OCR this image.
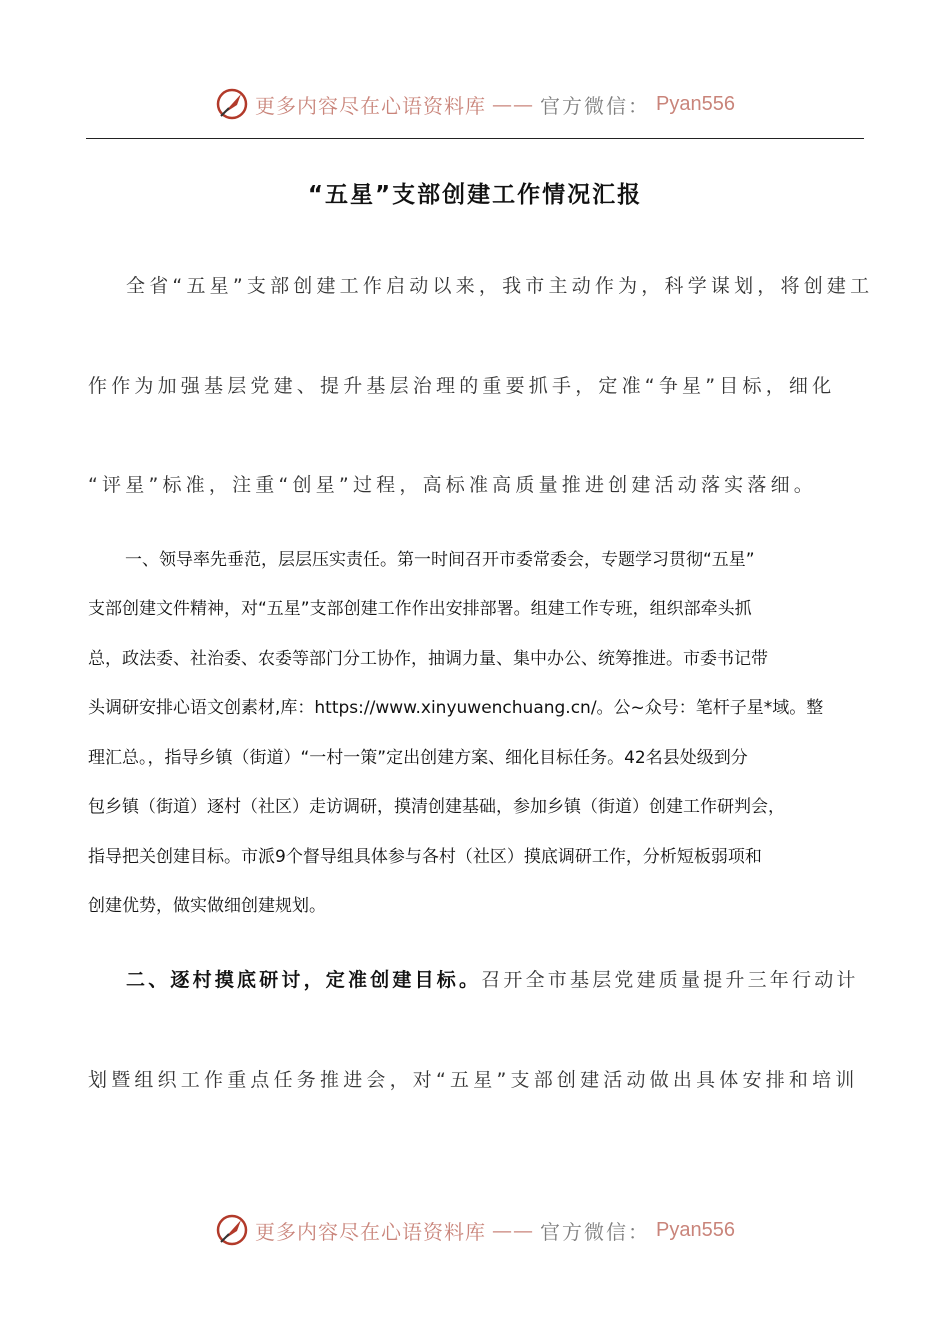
更多内容尽在心语资料库 —— 官方微信： Pyan556
“五星”支部创建工作情况汇报
全省“五星”支部创建工作启动以来，我市主动作为，科学谋划，将创建工
作作为加强基层党建、提升基层治理的重要抓手，定准“争星”目标，细化
“评星”标准，注重“创星”过程，高标准高质量推进创建活动落实落细。
一、领导率先垂范，层层压实责任。第一时间召开市委常委会，专题学习贯彻“五星”
支部创建文件精神，对“五星”支部创建工作作出安排部署。组建工作专班，组织部牵头抓
总，政法委、社治委、农委等部门分工协作，抽调力量、集中办公、统筹推进。市委书记带
头调研安排心语文创素材,库：https://www.xinyuwenchuang.cn/。公~众号：笔杆子星*域。整
理汇总。，指导乡镇（街道）“一村一策”定出创建方案、细化目标任务。42名县处级到分
包乡镇（街道）逐村（社区）走访调研，摸清创建基础，参加乡镇（街道）创建工作研判会，
指导把关创建目标。市派9个督导组具体参与各村（社区）摸底调研工作，分析短板弱项和
创建优势，做实做细创建规划。
二、逐村摸底研讨，定准创建目标。召开全市基层党建质量提升三年行动计
划暨组织工作重点任务推进会，对“五星”支部创建活动做出具体安排和培训
更多内容尽在心语资料库 —— 官方微信： Pyan556
